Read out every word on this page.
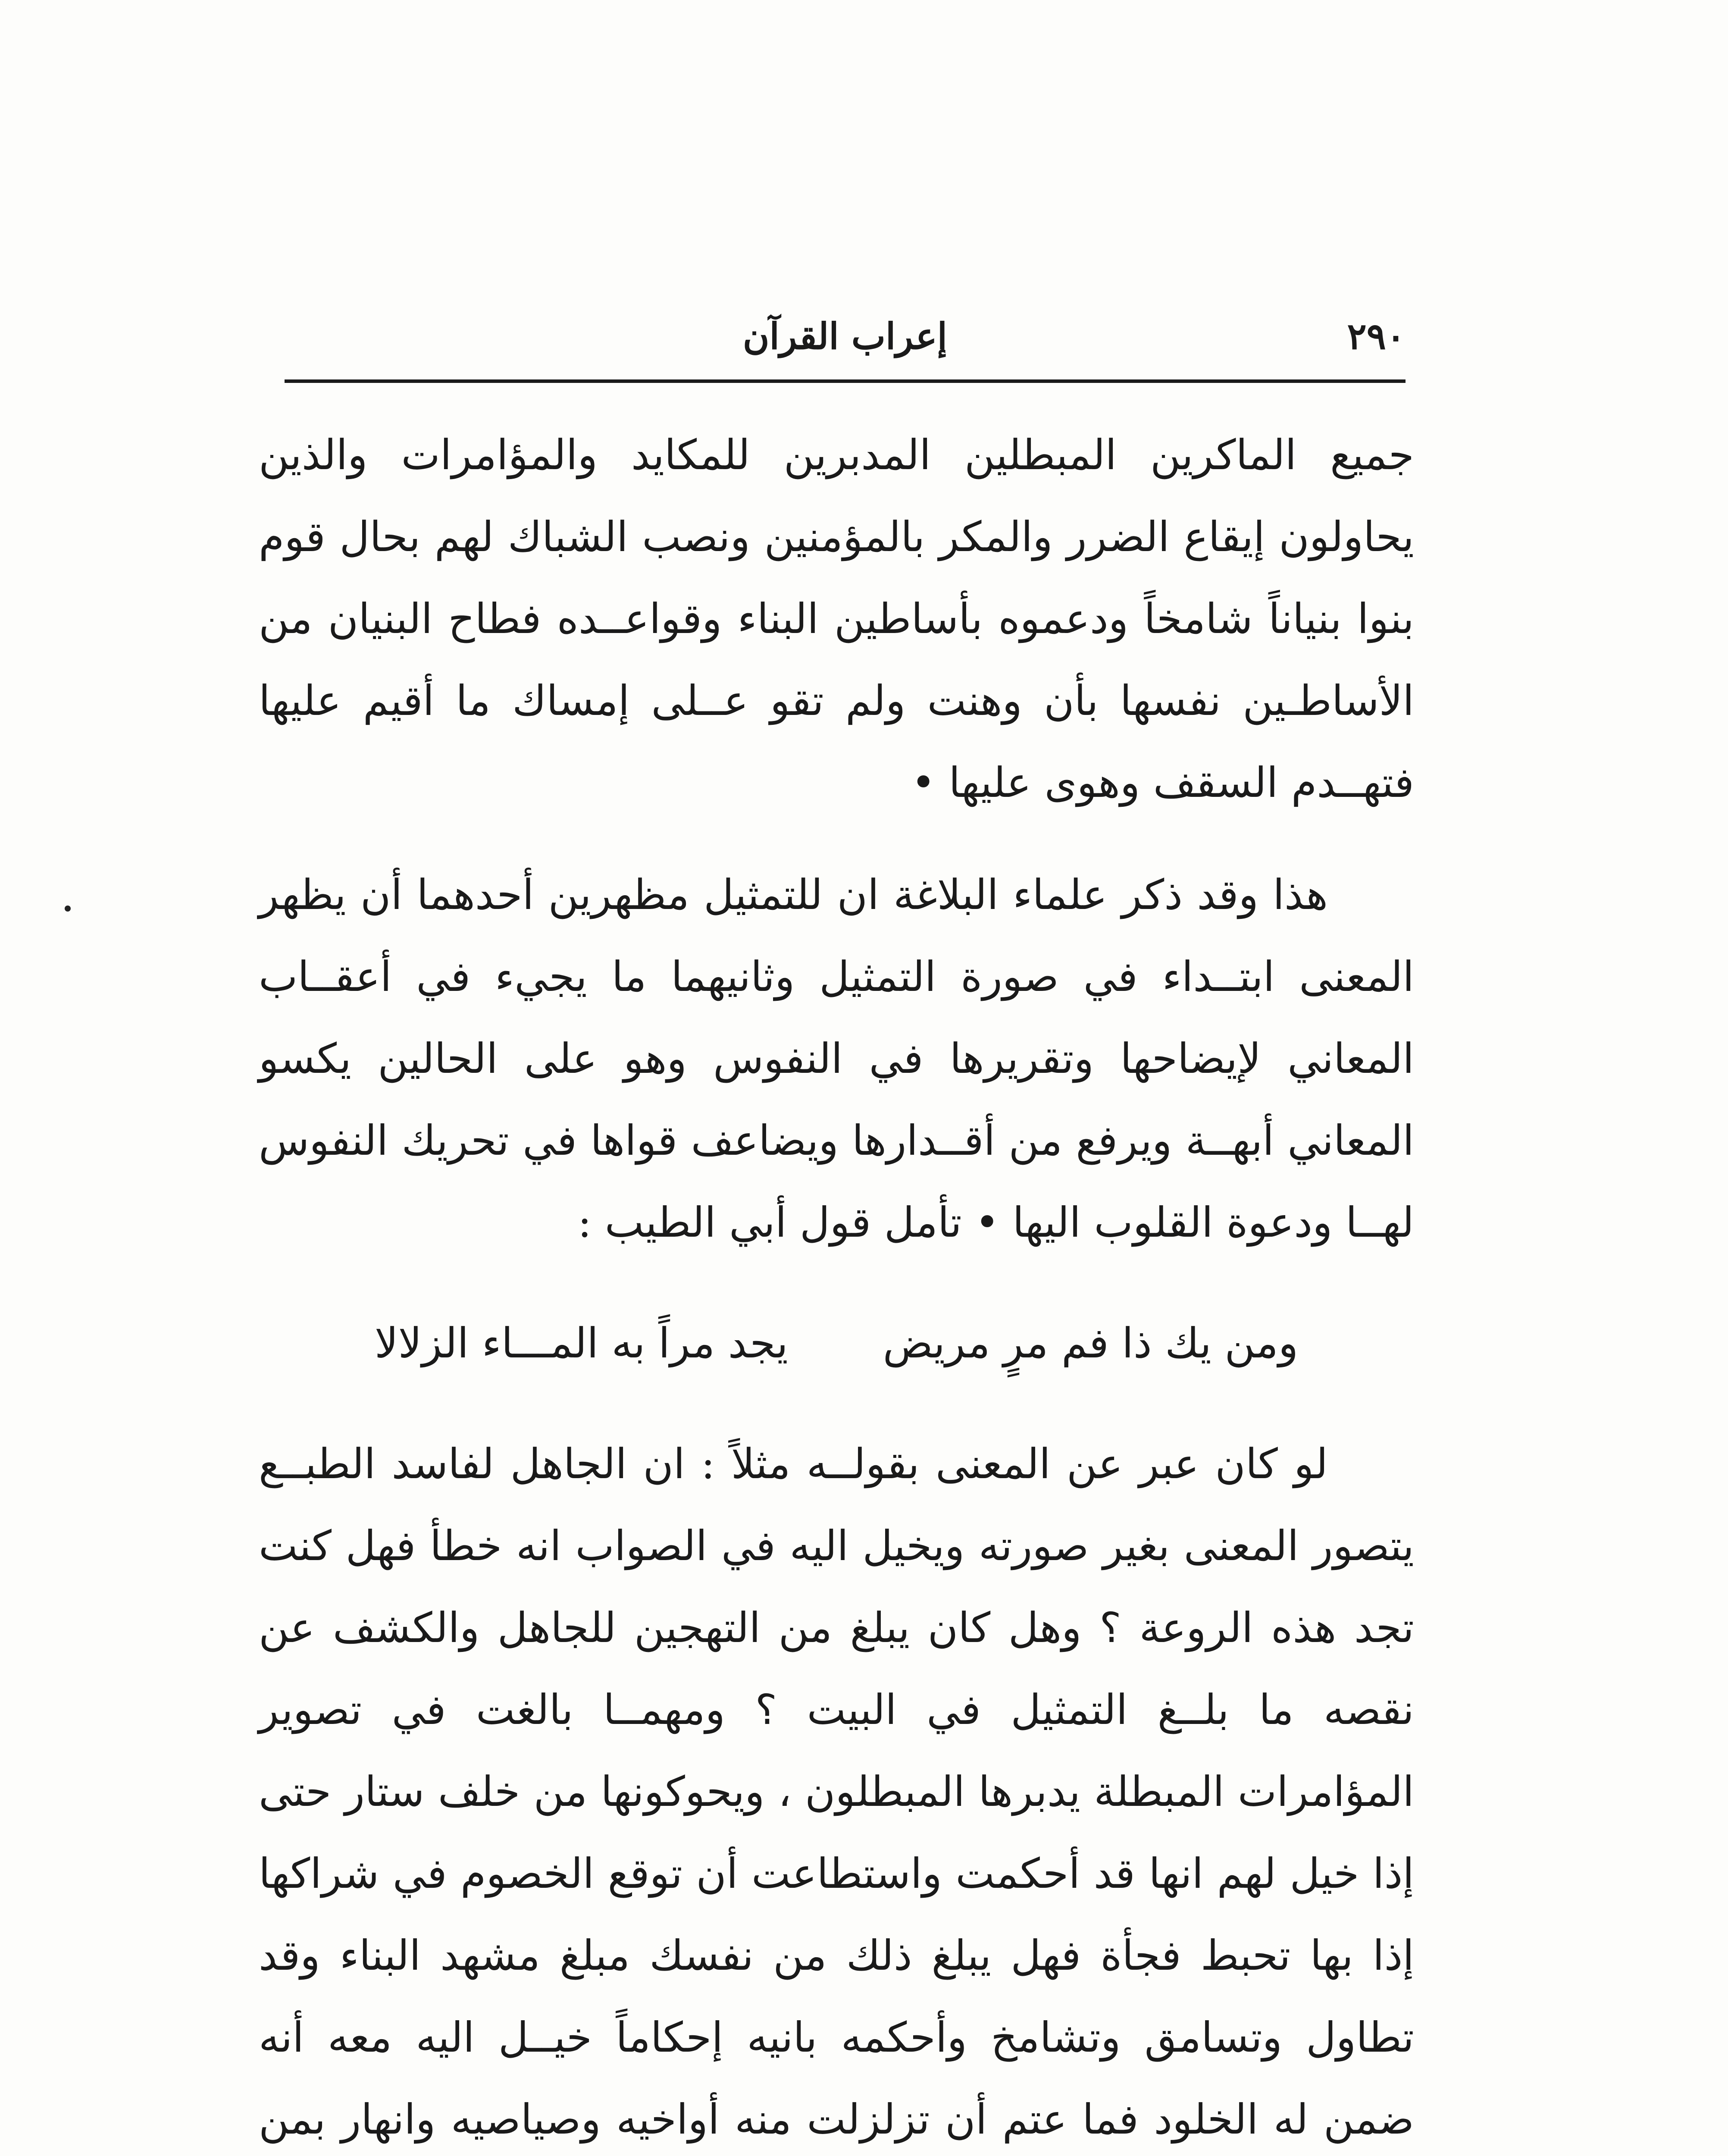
٢٩٠
إعراب القرآن

جميع الماكرين المبطلين المدبرين للمكايد والمؤامرات والذين يحاولون إيقاع الضرر والمكر بالمؤمنين ونصب الشباك لهم بحال قوم بنوا بنياناً شامخاً ودعموه بأساطين البناء وقواعــده فطاح البنيان من الأساطـين نفسها بأن وهنت ولم تقو عــلى إمساك ما أقيم عليها فتهــدم السقف وهوى عليها •

هذا وقد ذكر علماء البلاغة ان للتمثيل مظهرين أحدهما أن يظهر المعنى ابتــداء في صورة التمثيل وثانيهما ما يجيء في أعقــاب المعاني لإيضاحها وتقريرها في النفوس وهو على الحالين يكسو المعاني أبهــة ويرفع من أقــدارها ويضاعف قواها في تحريك النفوس لهــا ودعوة القلوب اليها • تأمل قول أبي الطيب :

ومن يك ذا فم مرٍ مريض
يجد مراً به المـــاء الزلالا

لو كان عبر عن المعنى بقولــه مثلاً : ان الجاهل لفاسد الطبــع يتصور المعنى بغير صورته ويخيل اليه في الصواب انه خطأ فهل كنت تجد هذه الروعة ؟ وهل كان يبلغ من التهجين للجاهل والكشف عن نقصه ما بلــغ التمثيل في البيت ؟ ومهمــا بالغت في تصوير المؤامرات المبطلة يدبرها المبطلون ، ويحوكونها من خلف ستار حتى إذا خيل لهم انها قد أحكمت واستطاعت أن توقع الخصوم في شراكها إذا بها تحبط فجأة فهل يبلغ ذلك من نفسك مبلغ مشهد البناء وقد تطاول وتسامق وتشامخ وأحكمه بانيه إحكاماً خيــل اليه معه أنه ضمن له الخلود فما عتم أن تزلزلت منه أواخيه وصياصيه وانهار بمن
